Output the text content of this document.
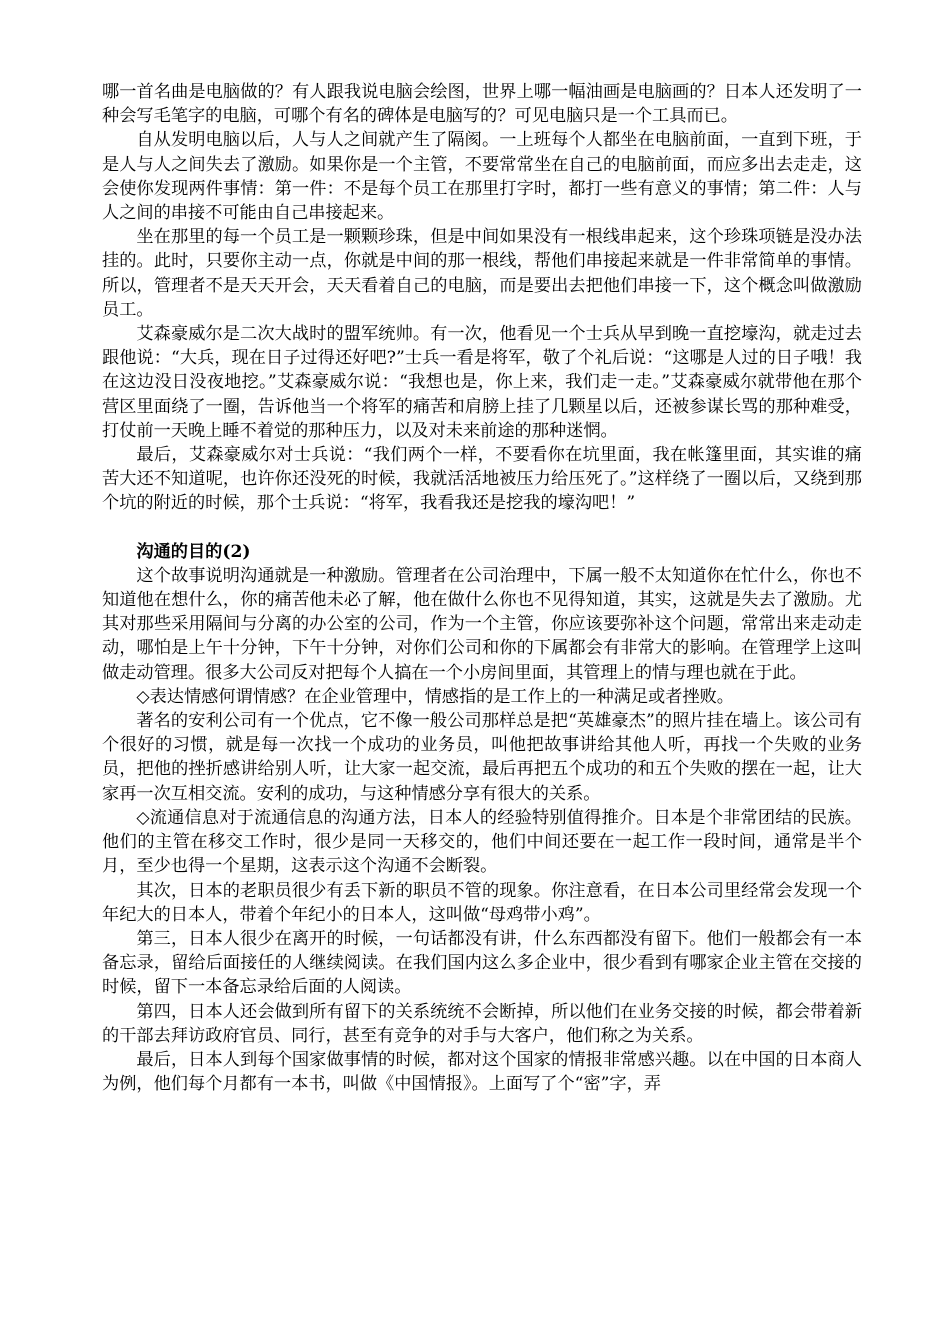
哪一首名曲是电脑做的？有人跟我说电脑会绘图，世界上哪一幅油画是电脑画的？日本人还发明了一种会写毛笔字的电脑，可哪个有名的碑体是电脑写的？可见电脑只是一个工具而已。

自从发明电脑以后，人与人之间就产生了隔阂。一上班每个人都坐在电脑前面，一直到下班，于是人与人之间失去了激励。如果你是一个主管，不要常常坐在自己的电脑前面，而应多出去走走，这会使你发现两件事情：第一件：不是每个员工在那里打字时，都打一些有意义的事情；第二件：人与人之间的串接不可能由自己串接起来。

坐在那里的每一个员工是一颗颗珍珠，但是中间如果没有一根线串起来，这个珍珠项链是没办法挂的。此时，只要你主动一点，你就是中间的那一根线，帮他们串接起来就是一件非常简单的事情。所以，管理者不是天天开会，天天看着自己的电脑，而是要出去把他们串接一下，这个概念叫做激励员工。

艾森豪威尔是二次大战时的盟军统帅。有一次，他看见一个士兵从早到晚一直挖壕沟，就走过去跟他说：“大兵，现在日子过得还好吧?”士兵一看是将军，敬了个礼后说：“这哪是人过的日子哦！我在这边没日没夜地挖。”艾森豪威尔说：“我想也是，你上来，我们走一走。”艾森豪威尔就带他在那个营区里面绕了一圈，告诉他当一个将军的痛苦和肩膀上挂了几颗星以后，还被参谋长骂的那种难受，打仗前一天晚上睡不着觉的那种压力，以及对未来前途的那种迷惘。

最后，艾森豪威尔对士兵说：“我们两个一样，不要看你在坑里面，我在帐篷里面，其实谁的痛苦大还不知道呢，也许你还没死的时候，我就活活地被压力给压死了。”这样绕了一圈以后，又绕到那个坑的附近的时候，那个士兵说：“将军，我看我还是挖我的壕沟吧！”

沟通的目的(2)

这个故事说明沟通就是一种激励。管理者在公司治理中，下属一般不太知道你在忙什么，你也不知道他在想什么，你的痛苦他未必了解，他在做什么你也不见得知道，其实，这就是失去了激励。尤其对那些采用隔间与分离的办公室的公司，作为一个主管，你应该要弥补这个问题，常常出来走动走动，哪怕是上午十分钟，下午十分钟，对你们公司和你的下属都会有非常大的影响。在管理学上这叫做走动管理。很多大公司反对把每个人搞在一个小房间里面，其管理上的情与理也就在于此。

◇表达情感何谓情感？在企业管理中，情感指的是工作上的一种满足或者挫败。

著名的安利公司有一个优点，它不像一般公司那样总是把“英雄豪杰”的照片挂在墙上。该公司有个很好的习惯，就是每一次找一个成功的业务员，叫他把故事讲给其他人听，再找一个失败的业务员，把他的挫折感讲给别人听，让大家一起交流，最后再把五个成功的和五个失败的摆在一起，让大家再一次互相交流。安利的成功，与这种情感分享有很大的关系。

◇流通信息对于流通信息的沟通方法，日本人的经验特别值得推介。日本是个非常团结的民族。他们的主管在移交工作时，很少是同一天移交的，他们中间还要在一起工作一段时间，通常是半个月，至少也得一个星期，这表示这个沟通不会断裂。

其次，日本的老职员很少有丢下新的职员不管的现象。你注意看，在日本公司里经常会发现一个年纪大的日本人，带着个年纪小的日本人，这叫做“母鸡带小鸡”。

第三，日本人很少在离开的时候，一句话都没有讲，什么东西都没有留下。他们一般都会有一本备忘录，留给后面接任的人继续阅读。在我们国内这么多企业中，很少看到有哪家企业主管在交接的时候，留下一本备忘录给后面的人阅读。

第四，日本人还会做到所有留下的关系统统不会断掉，所以他们在业务交接的时候，都会带着新的干部去拜访政府官员、同行，甚至有竞争的对手与大客户，他们称之为关系。

最后，日本人到每个国家做事情的时候，都对这个国家的情报非常感兴趣。以在中国的日本商人为例，他们每个月都有一本书，叫做《中国情报》。上面写了个“密”字，弄
